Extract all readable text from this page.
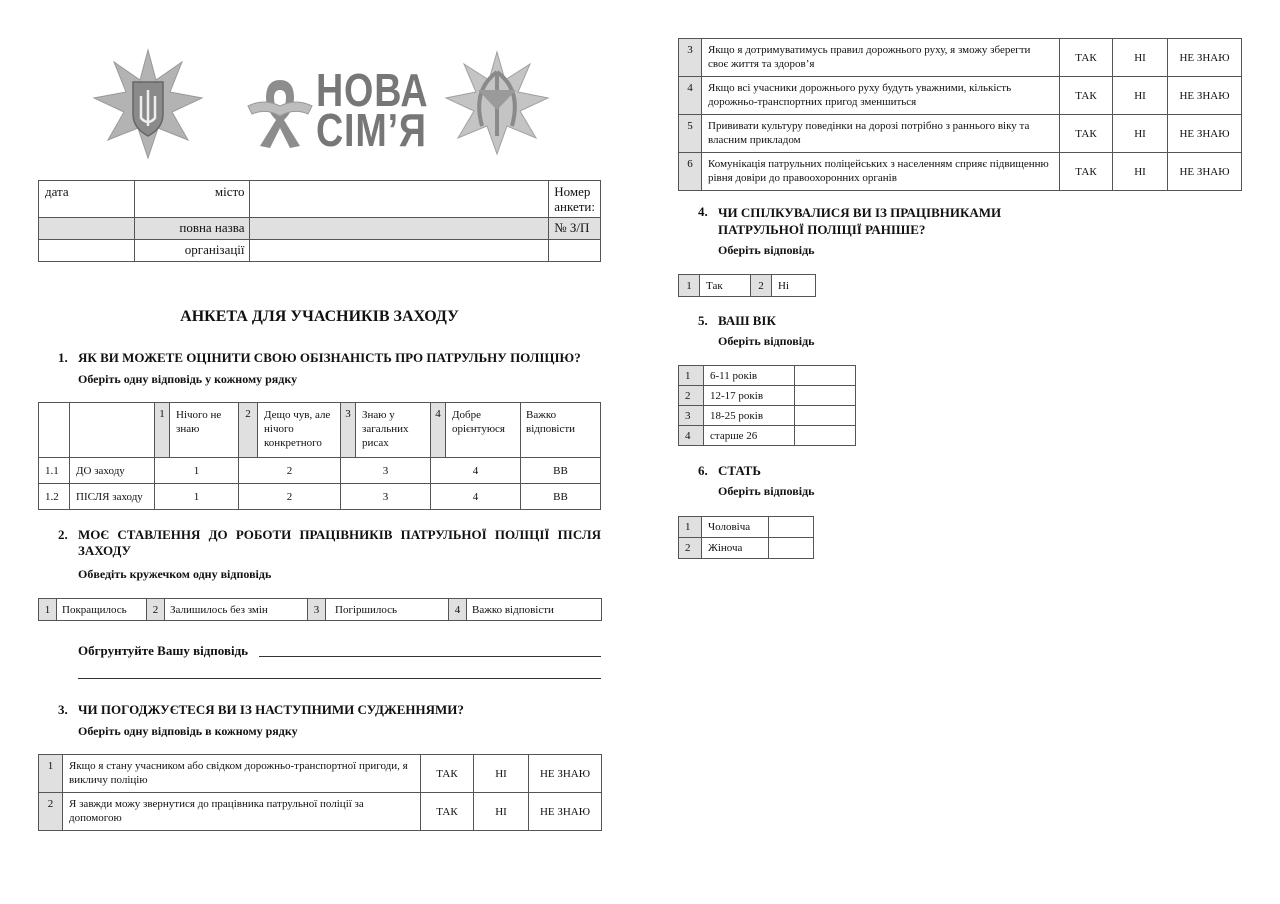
НОВА
СІМ’Я
дата	місто		Номер анкети:
	повна назва		№ З/П
	організації		
АНКЕТА ДЛЯ УЧАСНИКІВ ЗАХОДУ
1. ЯК ВИ МОЖЕТЕ ОЦІНИТИ СВОЮ ОБІЗНАНІСТЬ ПРО ПАТРУЛЬНУ ПОЛІЦІЮ?
Оберіть одну відповідь у кожному рядку
		1	Нічого не знаю	2	Дещо чув, але нічого конкретного	3	Знаю у загальних рисах	4	Добре орієнтуюся	Важко відповісти
1.1	ДО заходу	1		2		3		4		ВВ
1.2	ПІСЛЯ заходу	1		2		3		4		ВВ
2. МОЄ СТАВЛЕННЯ ДО РОБОТИ ПРАЦІВНИКІВ ПАТРУЛЬНОЇ ПОЛІЦІЇ ПІСЛЯ ЗАХОДУ
Обведіть кружечком одну відповідь
1	Покращилось	2	Залишилось без змін	3	Погіршилось	4	Важко відповісти
Обгрунтуйте Вашу відповідь
3. ЧИ ПОГОДЖУЄТЕСЯ ВИ ІЗ НАСТУПНИМИ СУДЖЕННЯМИ?
Оберіть одну відповідь в кожному рядку
1	Якщо я стану учасником або свідком дорожньо-транспортної пригоди, я викличу поліцію	ТАК	НІ	НЕ ЗНАЮ
2	Я завжди можу звернутися до працівника патрульної поліції за допомогою	ТАК	НІ	НЕ ЗНАЮ
3	Якщо я дотримуватимусь правил дорожнього руху, я зможу зберегти своє життя та здоров’я	ТАК	НІ	НЕ ЗНАЮ
4	Якщо всі учасники дорожнього руху будуть уважними, кількість дорожньо-транспортних пригод зменшиться	ТАК	НІ	НЕ ЗНАЮ
5	Прививати культуру поведінки на дорозі потрібно з раннього віку та власним прикладом	ТАК	НІ	НЕ ЗНАЮ
6	Комунікація патрульних поліцейських з населенням сприяє підвищенню рівня довіри до правоохоронних органів	ТАК	НІ	НЕ ЗНАЮ
4. ЧИ СПІЛКУВАЛИСЯ ВИ ІЗ ПРАЦІВНИКАМИ
ПАТРУЛЬНОЇ ПОЛІЦІЇ РАНІШЕ?
Оберіть відповідь
1	Так	2	Ні
5. ВАШ ВІК
Оберіть відповідь
1	6-11 років	
2	12-17 років	
3	18-25 років	
4	старше 26	
6. СТАТЬ
Оберіть відповідь
1	Чоловіча	
2	Жіноча	
